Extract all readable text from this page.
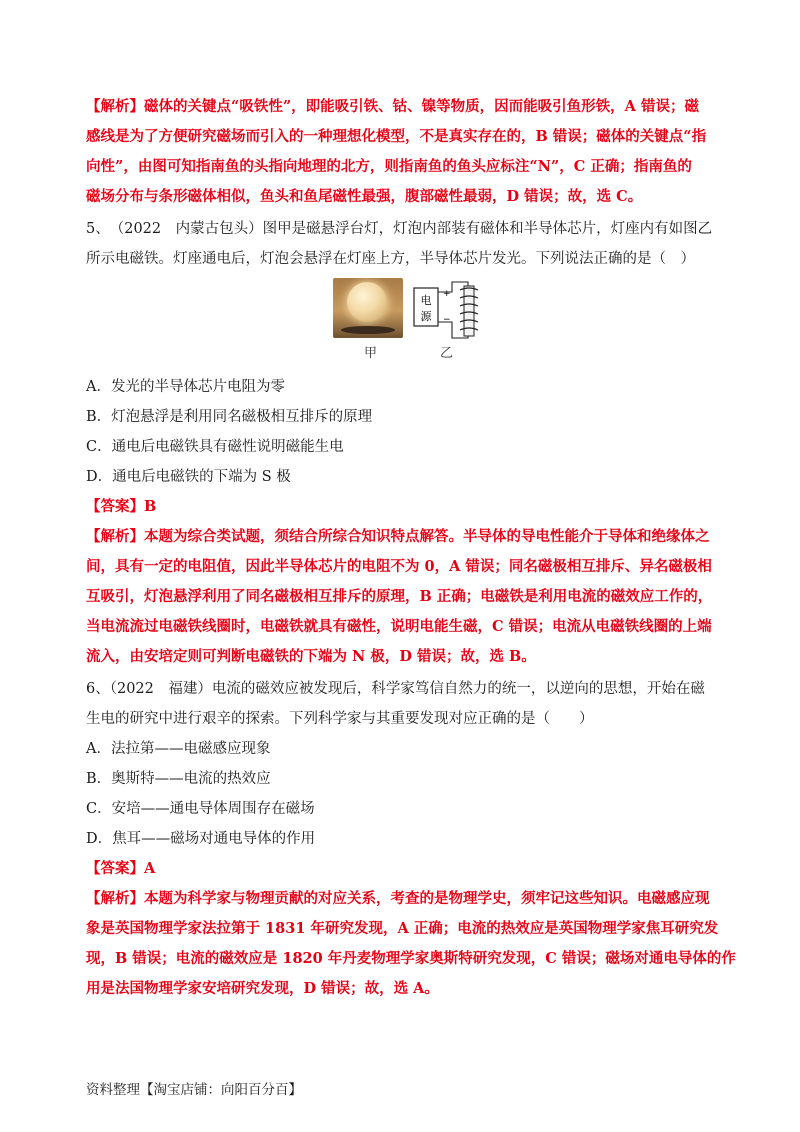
【解析】磁体的关键点“吸铁性”，即能吸引铁、钴、镍等物质，因而能吸引鱼形铁，A 错误；磁
感线是为了方便研究磁场而引入的一种理想化模型，不是真实存在的，B 错误；磁体的关键点“指
向性”，由图可知指南鱼的头指向地理的北方，则指南鱼的鱼头应标注“N”，C 正确；指南鱼的
磁场分布与条形磁体相似，鱼头和鱼尾磁性最强，腹部磁性最弱，D 错误；故，选 C。
5、　（2022　内蒙古包头）图甲是磁悬浮台灯，灯泡内部装有磁体和半导体芯片，灯座内有如图乙
所示电磁铁。灯座通电后，灯泡会悬浮在灯座上方，半导体芯片发光。下列说法正确的是（　）
电
源
+
−
甲	乙
A．发光的半导体芯片电阻为零
B．灯泡悬浮是利用同名磁极相互排斥的原理
C．通电后电磁铁具有磁性说明磁能生电
D．通电后电磁铁的下端为 S 极
【答案】B
【解析】本题为综合类试题，须结合所综合知识特点解答。半导体的导电性能介于导体和绝缘体之
间，具有一定的电阻值，因此半导体芯片的电阻不为 0，A 错误；同名磁极相互排斥、异名磁极相
互吸引，灯泡悬浮利用了同名磁极相互排斥的原理，B 正确；电磁铁是利用电流的磁效应工作的，
当电流流过电磁铁线圈时，电磁铁就具有磁性，说明电能生磁，C 错误；电流从电磁铁线圈的上端
流入，由安培定则可判断电磁铁的下端为 N 极，D 错误；故，选 B。
6、（2022　福建）电流的磁效应被发现后，科学家笃信自然力的统一，以逆向的思想，开始在磁
生电的研究中进行艰辛的探索。下列科学家与其重要发现对应正确的是（　　）
A．法拉第——电磁感应现象
B．奥斯特——电流的热效应
C．安培——通电导体周围存在磁场
D．焦耳——磁场对通电导体的作用
【答案】A
【解析】本题为科学家与物理贡献的对应关系，考查的是物理学史，须牢记这些知识。电磁感应现
象是英国物理学家法拉第于 1831 年研究发现，A 正确；电流的热效应是英国物理学家焦耳研究发
现，B 错误；电流的磁效应是 1820 年丹麦物理学家奥斯特研究发现，C 错误；磁场对通电导体的作
用是法国物理学家安培研究发现，D 错误；故，选 A。
资料整理【淘宝店铺：向阳百分百】
